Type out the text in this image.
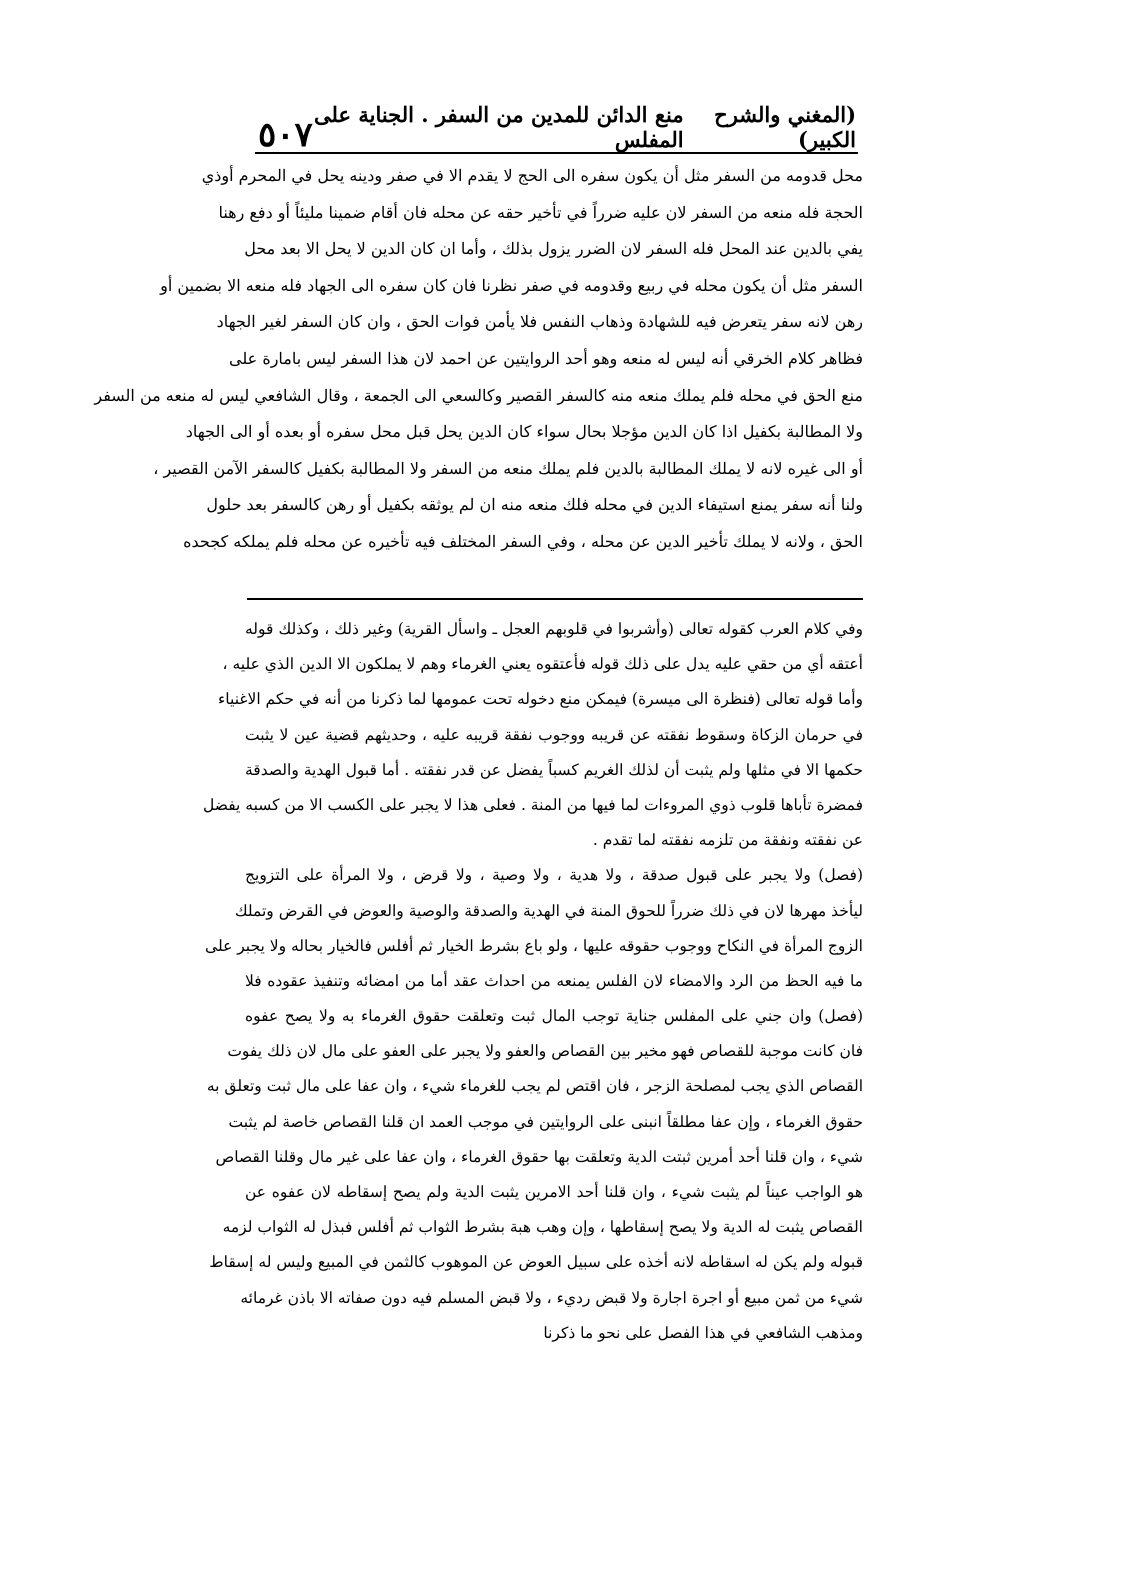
(المغني والشرح الكبير)
منع الدائن للمدين من السفر . الجناية على المفلس
٥٠٧
محل قدومه من السفر مثل أن يكون سفره الى الحج لا يقدم الا في صفر ودينه يحل في المحرم أوذي
الحجة فله منعه من السفر لان عليه ضرراً في تأخير حقه عن محله فان أقام ضمينا مليئاً أو دفع رهنا
يفي بالدين عند المحل فله السفر لان الضرر يزول بذلك ، وأما ان كان الدين لا يحل الا بعد محل
السفر مثل أن يكون محله في ربيع وقدومه في صفر نظرنا فان كان سفره الى الجهاد فله منعه الا بضمين أو
رهن لانه سفر يتعرض فيه للشهادة وذهاب النفس فلا يأمن فوات الحق ، وان كان السفر لغير الجهاد
فظاهر كلام الخرقي أنه ليس له منعه وهو أحد الروايتين عن احمد لان هذا السفر ليس بامارة على
منع الحق في محله فلم يملك منعه منه كالسفر القصير وكالسعي الى الجمعة ، وقال الشافعي ليس له منعه من السفر
ولا المطالبة بكفيل اذا كان الدين مؤجلا بحال سواء كان الدين يحل قبل محل سفره أو بعده أو الى الجهاد
أو الى غيره لانه لا يملك المطالبة بالدين فلم يملك منعه من السفر ولا المطالبة بكفيل كالسفر الآمن القصير ،
ولنا أنه سفر يمنع استيفاء الدين في محله فلك منعه منه ان لم يوثقه بكفيل أو رهن كالسفر بعد حلول
الحق ، ولانه لا يملك تأخير الدين عن محله ، وفي السفر المختلف فيه تأخيره عن محله فلم يملكه كجحده
وفي كلام العرب كقوله تعالى (وأشربوا في قلوبهم العجل ـ واسأل القرية) وغير ذلك ، وكذلك قوله
أعتقه أي من حقي عليه يدل على ذلك قوله فأعتقوه يعني الغرماء وهم لا يملكون الا الدين الذي عليه ،
وأما قوله تعالى (فنظرة الى ميسرة) فيمكن منع دخوله تحت عمومها لما ذكرنا من أنه في حكم الاغنياء
في حرمان الزكاة وسقوط نفقته عن قريبه ووجوب نفقة قريبه عليه ، وحديثهم قضية عين لا يثبت
حكمها الا في مثلها ولم يثبت أن لذلك الغريم كسباً يفضل عن قدر نفقته . أما قبول الهدية والصدقة
فمضرة تأباها قلوب ذوي المروءات لما فيها من المنة . فعلى هذا لا يجبر على الكسب الا من كسبه يفضل
عن نفقته ونفقة من تلزمه نفقته لما تقدم .
(فصل) ولا يجبر على قبول صدقة ، ولا هدية ، ولا وصية ، ولا قرض ، ولا المرأة على التزويج
ليأخذ مهرها لان في ذلك ضرراً للحوق المنة في الهدية والصدقة والوصية والعوض في القرض وتملك
الزوج المرأة في النكاح ووجوب حقوقه عليها ، ولو باع بشرط الخيار ثم أفلس فالخيار بحاله ولا يجبر على
ما فيه الحظ من الرد والامضاء لان الفلس يمنعه من احداث عقد أما من امضائه وتنفيذ عقوده فلا
(فصل) وان جني على المفلس جناية توجب المال ثبت وتعلقت حقوق الغرماء به ولا يصح عفوه
فان كانت موجبة للقصاص فهو مخير بين القصاص والعفو ولا يجبر على العفو على مال لان ذلك يفوت
القصاص الذي يجب لمصلحة الزجر ، فان اقتص لم يجب للغرماء شيء ، وان عفا على مال ثبت وتعلق به
حقوق الغرماء ، وإن عفا مطلقاً انبنى على الروايتين في موجب العمد ان قلنا القصاص خاصة لم يثبت
شيء ، وان قلنا أحد أمرين ثبتت الدية وتعلقت بها حقوق الغرماء ، وان عفا على غير مال وقلنا القصاص
هو الواجب عيناً لم يثبت شيء ، وان قلنا أحد الامرين يثبت الدية ولم يصح إسقاطه لان عفوه عن
القصاص يثبت له الدية ولا يصح إسقاطها ، وإن وهب هبة بشرط الثواب ثم أفلس فبذل له الثواب لزمه
قبوله ولم يكن له اسقاطه لانه أخذه على سبيل العوض عن الموهوب كالثمن في المبيع وليس له إسقاط
شيء من ثمن مبيع أو اجرة اجارة ولا قبض رديء ، ولا قبض المسلم فيه دون صفاته الا باذن غرمائه
ومذهب الشافعي في هذا الفصل على نحو ما ذكرنا
